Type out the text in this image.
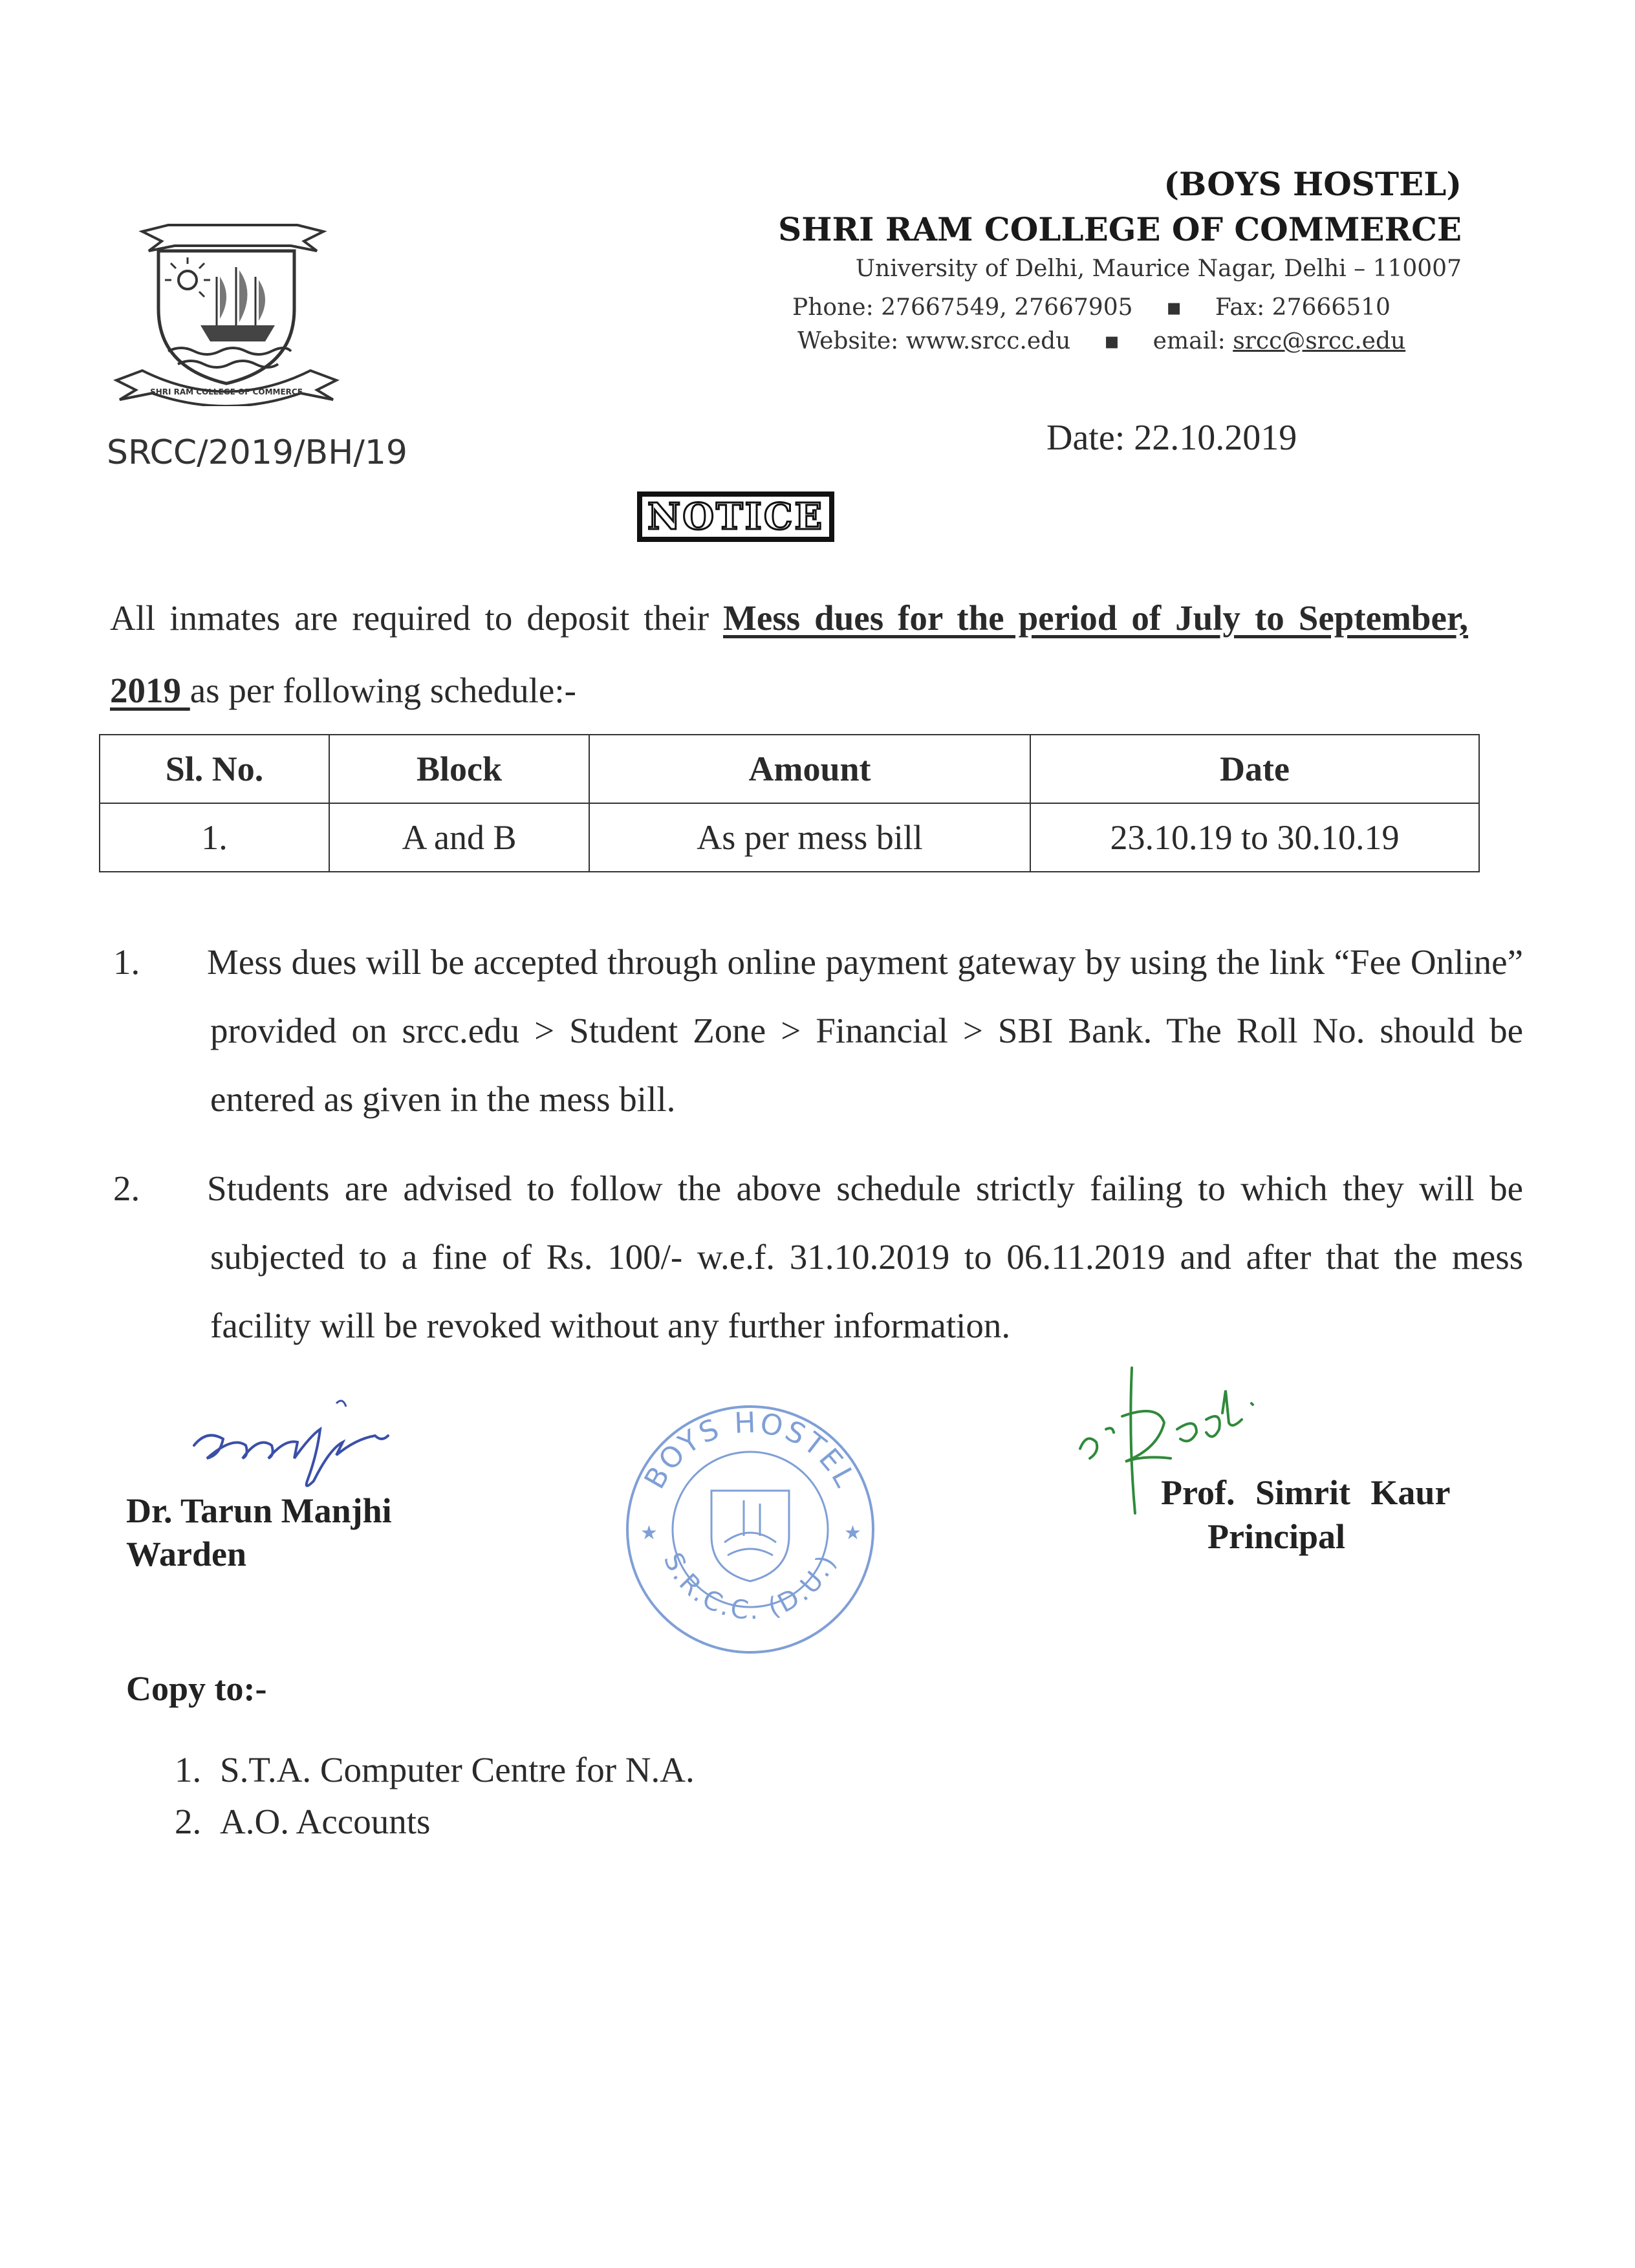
SHRI RAM COLLEGE OF COMMERCE
(BOYS HOSTEL)
SHRI RAM COLLEGE OF COMMERCE
University of Delhi, Maurice Nagar, Delhi – 110007
Phone: 27667549, 27667905 ▪ Fax: 27666510
Website: www.srcc.edu ▪ email: srcc@srcc.edu
SRCC/2019/BH/19	Date: 22.10.2019
NOTICE
All inmates are required to deposit their Mess dues for the period of July to September, 2019 as per following schedule:-
Sl. No.	Block	Amount	Date
1.	A and B	As per mess bill	23.10.19 to 30.10.19
1. Mess dues will be accepted through online payment gateway by using the link “Fee Online” provided on srcc.edu > Student Zone > Financial > SBI Bank. The Roll No. should be entered as given in the mess bill.
2. Students are advised to follow the above schedule strictly failing to which they will be subjected to a fine of Rs. 100/- w.e.f. 31.10.2019 to 06.11.2019 and after that the mess facility will be revoked without any further information.
Dr. Tarun Manjhi
Warden
BOYS HOSTEL
S.R.C.C. (D.U.)
★	★
Prof. Simrit Kaur
Principal
Copy to:-
1. S.T.A. Computer Centre for N.A.
2. A.O. Accounts
